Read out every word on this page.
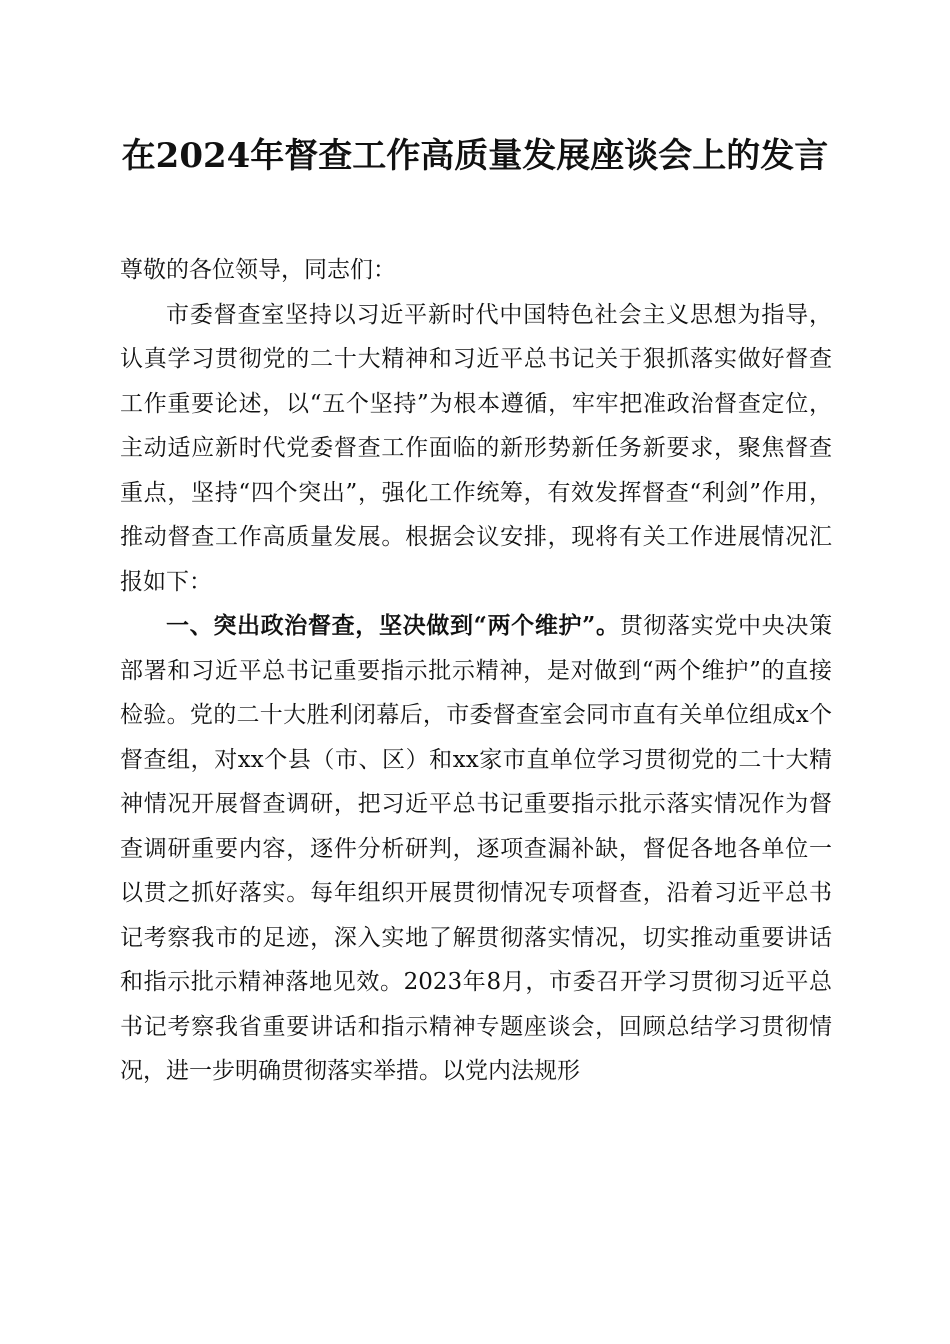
在2024年督查工作高质量发展座谈会上的发言

尊敬的各位领导，同志们：

市委督查室坚持以习近平新时代中国特色社会主义思想为指导，认真学习贯彻党的二十大精神和习近平总书记关于狠抓落实做好督查工作重要论述，以“五个坚持”为根本遵循，牢牢把准政治督查定位，主动适应新时代党委督查工作面临的新形势新任务新要求，聚焦督查重点，坚持“四个突出”，强化工作统筹，有效发挥督查“利剑”作用，推动督查工作高质量发展。根据会议安排，现将有关工作进展情况汇报如下：

一、突出政治督查，坚决做到“两个维护”。贯彻落实党中央决策部署和习近平总书记重要指示批示精神，是对做到“两个维护”的直接检验。党的二十大胜利闭幕后，市委督查室会同市直有关单位组成x个督查组，对xx个县（市、区）和xx家市直单位学习贯彻党的二十大精神情况开展督查调研，把习近平总书记重要指示批示落实情况作为督查调研重要内容，逐件分析研判，逐项查漏补缺，督促各地各单位一以贯之抓好落实。每年组织开展贯彻情况专项督查，沿着习近平总书记考察我市的足迹，深入实地了解贯彻落实情况，切实推动重要讲话和指示批示精神落地见效。2023年8月，市委召开学习贯彻习近平总书记考察我省重要讲话和指示精神专题座谈会，回顾总结学习贯彻情况，进一步明确贯彻落实举措。以党内法规形
